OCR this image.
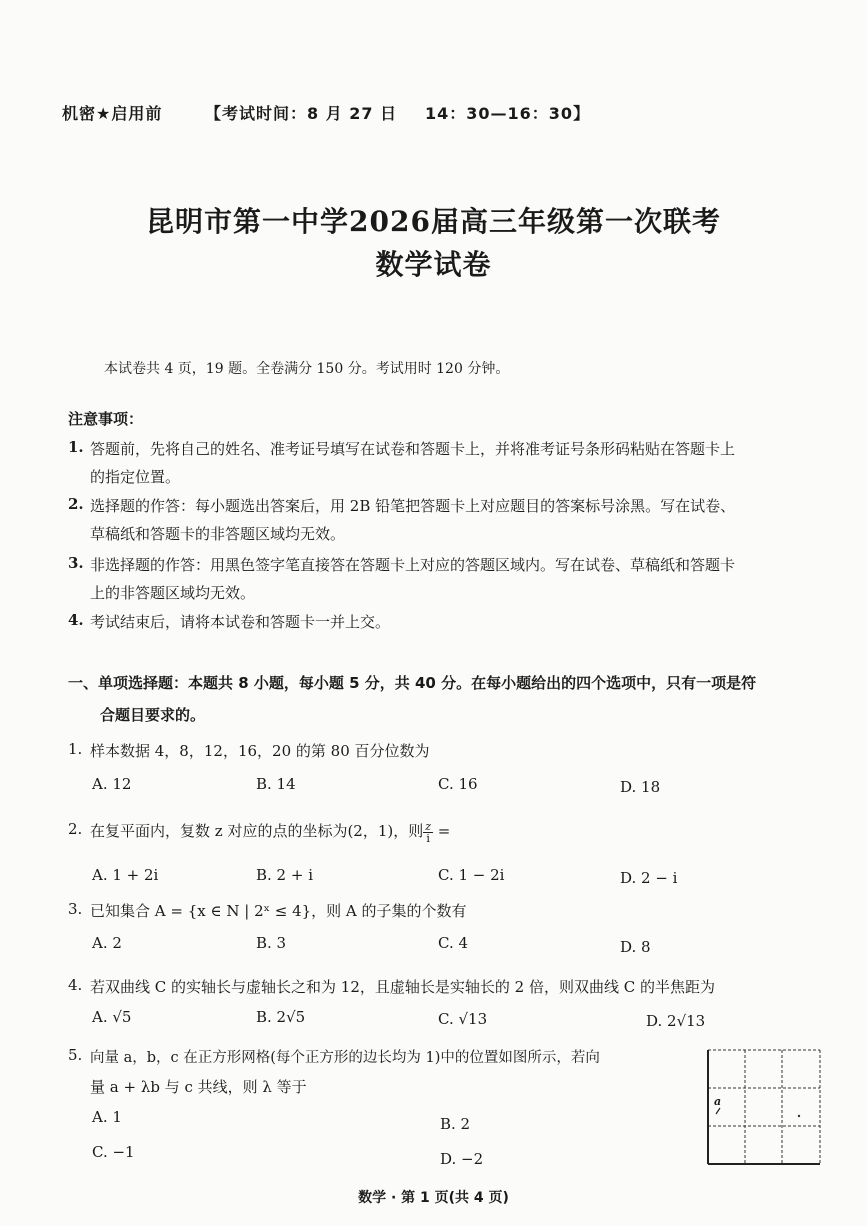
机密★启用前	【考试时间：8 月 27 日 14：30—16：30】
昆明市第一中学2026届高三年级第一次联考
数学试卷
本试卷共 4 页，19 题。全卷满分 150 分。考试用时 120 分钟。
注意事项：
1. 答题前，先将自己的姓名、准考证号填写在试卷和答题卡上，并将准考证号条形码粘贴在答题卡上
的指定位置。
2. 选择题的作答：每小题选出答案后，用 2B 铅笔把答题卡上对应题目的答案标号涂黑。写在试卷、
草稿纸和答题卡的非答题区域均无效。
3. 非选择题的作答：用黑色签字笔直接答在答题卡上对应的答题区域内。写在试卷、草稿纸和答题卡
上的非答题区域均无效。
4. 考试结束后，请将本试卷和答题卡一并上交。
一、单项选择题：本题共 8 小题，每小题 5 分，共 40 分。在每小题给出的四个选项中，只有一项是符
合题目要求的。
1. 样本数据 4，8，12，16，20 的第 80 百分位数为
A. 12	B. 14	C. 16	D. 18
2. 在复平面内，复数 z 对应的点的坐标为(2，1)，则 $\frac{z}{i}$ =
A. 1 + 2i	B. 2 + i	C. 1 − 2i	D. 2 − i
3. 已知集合 A = {x ∈ N | 2ˣ ≤ 4}，则 A 的子集的个数有
A. 2	B. 3	C. 4	D. 8
4. 若双曲线 C 的实轴长与虚轴长之和为 12，且虚轴长是实轴长的 2 倍，则双曲线 C 的半焦距为
A. √5	B. 2√5	C. √13	D. 2√13
5. 向量 a，b，c 在正方形网格(每个正方形的边长均为 1)中的位置如图所示，若向
量 a + λb 与 c 共线，则 λ 等于
A. 1	B. 2
C. −1	D. −2
a
数学 · 第 1 页(共 4 页)
